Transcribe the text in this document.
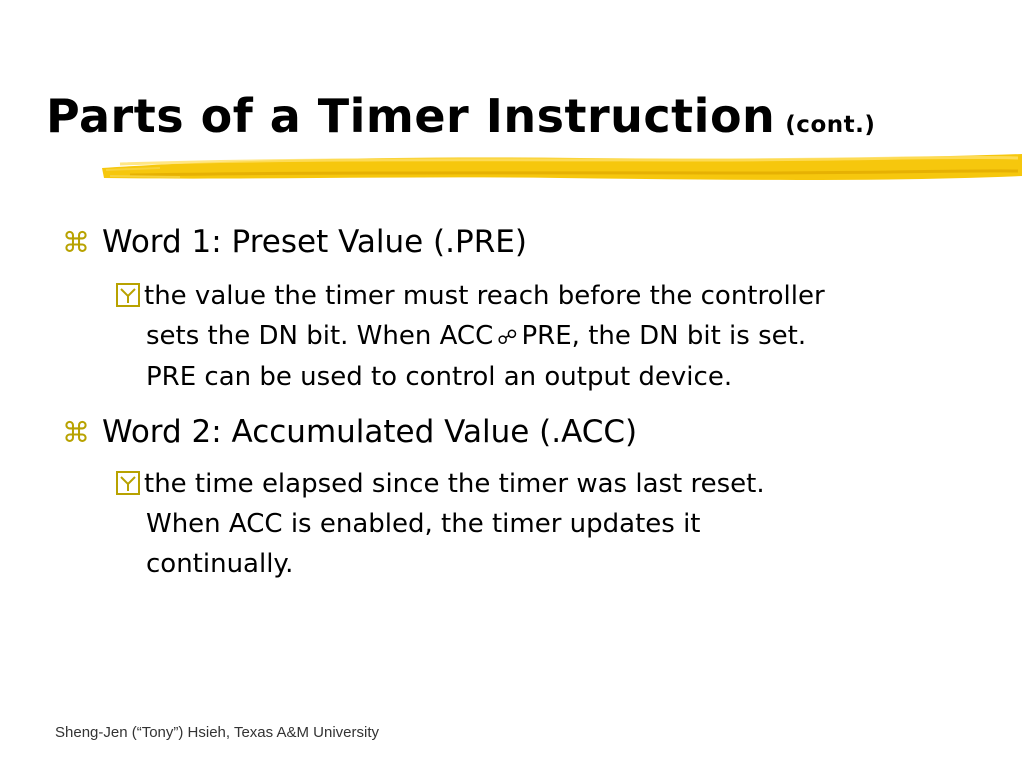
Parts of a Timer Instruction (cont.)
⌘ Word 1: Preset Value (.PRE)
the value the timer must reach before the controller
sets the DN bit. When ACC ☍ PRE, the DN bit is set.
PRE can be used to control an output device.
⌘ Word 2: Accumulated Value (.ACC)
the time elapsed since the timer was last reset.
When ACC is enabled, the timer updates it
continually.
Sheng-Jen (“Tony”) Hsieh, Texas A&M University
